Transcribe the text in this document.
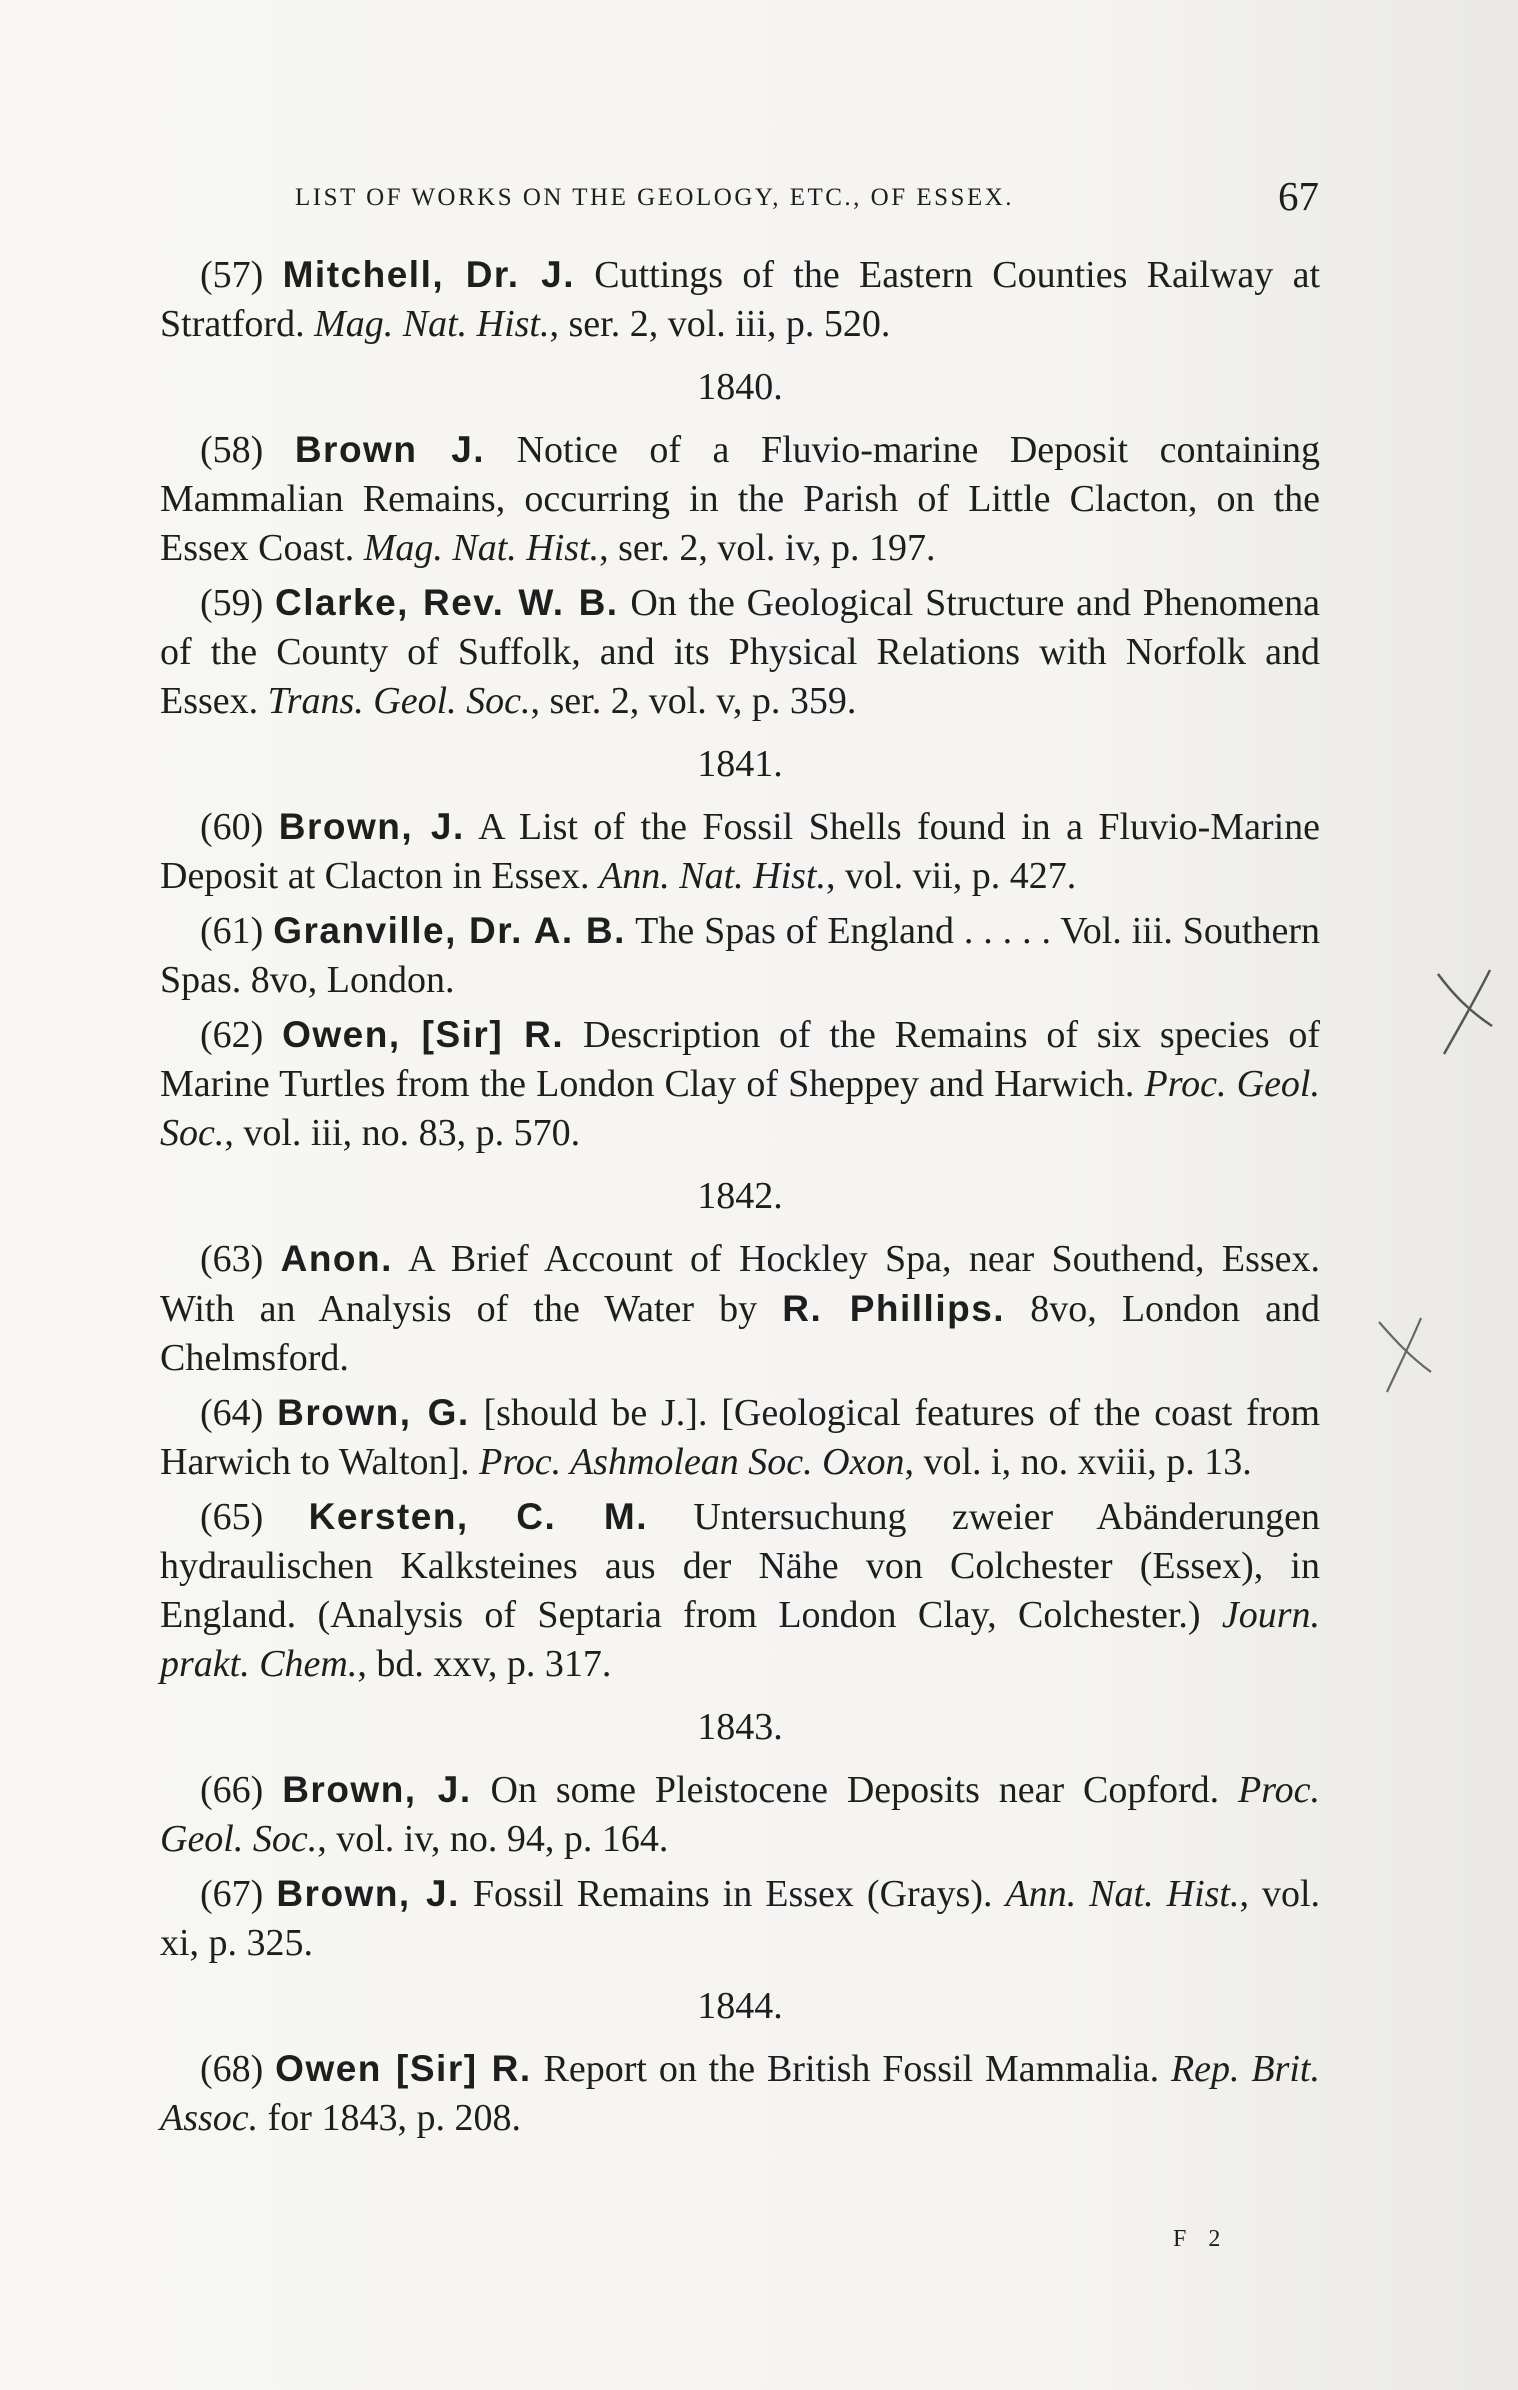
LIST OF WORKS ON THE GEOLOGY, ETC., OF ESSEX.	67

(57) Mitchell, Dr. J. Cuttings of the Eastern Counties Railway at Stratford. Mag. Nat. Hist., ser. 2, vol. iii, p. 520.

1840.

(58) Brown J. Notice of a Fluvio-marine Deposit containing Mammalian Remains, occurring in the Parish of Little Clacton, on the Essex Coast. Mag. Nat. Hist., ser. 2, vol. iv, p. 197.

(59) Clarke, Rev. W. B. On the Geological Structure and Phenomena of the County of Suffolk, and its Physical Relations with Norfolk and Essex. Trans. Geol. Soc., ser. 2, vol. v, p. 359.

1841.

(60) Brown, J. A List of the Fossil Shells found in a Fluvio-Marine Deposit at Clacton in Essex. Ann. Nat. Hist., vol. vii, p. 427.

(61) Granville, Dr. A. B. The Spas of England . . . . . Vol. iii. Southern Spas. 8vo, London.

(62) Owen, [Sir] R. Description of the Remains of six species of Marine Turtles from the London Clay of Sheppey and Harwich. Proc. Geol. Soc., vol. iii, no. 83, p. 570.

1842.

(63) Anon. A Brief Account of Hockley Spa, near Southend, Essex. With an Analysis of the Water by R. Phillips. 8vo, London and Chelmsford.

(64) Brown, G. [should be J.]. [Geological features of the coast from Harwich to Walton]. Proc. Ashmolean Soc. Oxon, vol. i, no. xviii, p. 13.

(65) Kersten, C. M. Untersuchung zweier Abänderungen hydraulischen Kalksteines aus der Nähe von Colchester (Essex), in England. (Analysis of Septaria from London Clay, Colchester.) Journ. prakt. Chem., bd. xxv, p. 317.

1843.

(66) Brown, J. On some Pleistocene Deposits near Copford. Proc. Geol. Soc., vol. iv, no. 94, p. 164.

(67) Brown, J. Fossil Remains in Essex (Grays). Ann. Nat. Hist., vol. xi, p. 325.

1844.

(68) Owen [Sir] R. Report on the British Fossil Mammalia. Rep. Brit. Assoc. for 1843, p. 208.

F 2
